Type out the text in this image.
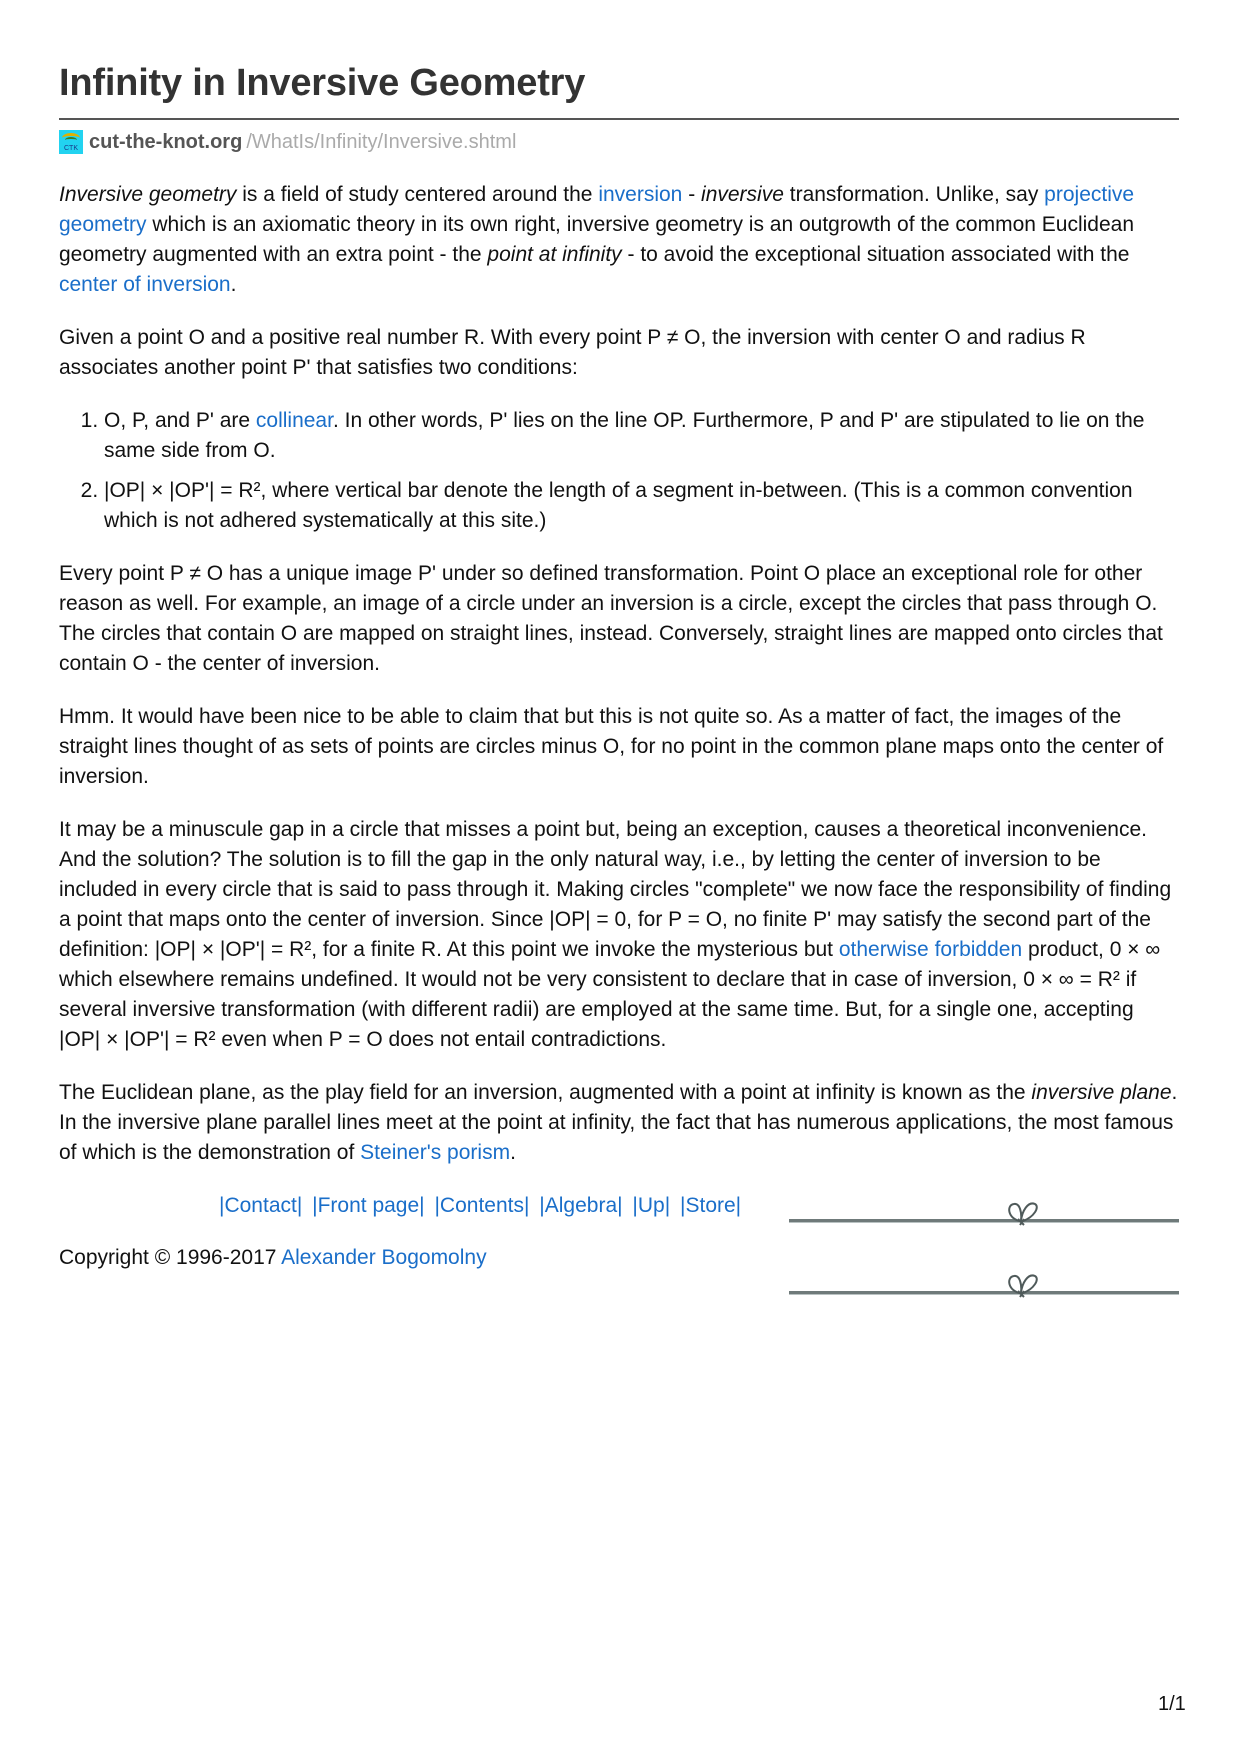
Infinity in Inversive Geometry
CTK cut-the-knot.org /WhatIs/Infinity/Inversive.shtml

Inversive geometry is a field of study centered around the inversion - inversive transformation. Unlike, say projective geometry which is an axiomatic theory in its own right, inversive geometry is an outgrowth of the common Euclidean geometry augmented with an extra point - the point at infinity - to avoid the exceptional situation associated with the center of inversion.

Given a point O and a positive real number R. With every point P ≠ O, the inversion with center O and radius R associates another point P' that satisfies two conditions:

1. O, P, and P' are collinear. In other words, P' lies on the line OP. Furthermore, P and P' are stipulated to lie on the same side from O.
2. |OP| × |OP'| = R², where vertical bar denote the length of a segment in-between. (This is a common convention which is not adhered systematically at this site.)

Every point P ≠ O has a unique image P' under so defined transformation. Point O place an exceptional role for other reason as well. For example, an image of a circle under an inversion is a circle, except the circles that pass through O. The circles that contain O are mapped on straight lines, instead. Conversely, straight lines are mapped onto circles that contain O - the center of inversion.

Hmm. It would have been nice to be able to claim that but this is not quite so. As a matter of fact, the images of the straight lines thought of as sets of points are circles minus O, for no point in the common plane maps onto the center of inversion.

It may be a minuscule gap in a circle that misses a point but, being an exception, causes a theoretical inconvenience. And the solution? The solution is to fill the gap in the only natural way, i.e., by letting the center of inversion to be included in every circle that is said to pass through it. Making circles "complete" we now face the responsibility of finding a point that maps onto the center of inversion. Since |OP| = 0, for P = O, no finite P' may satisfy the second part of the definition: |OP| × |OP'| = R², for a finite R. At this point we invoke the mysterious but otherwise forbidden product, 0 × ∞ which elsewhere remains undefined. It would not be very consistent to declare that in case of inversion, 0 × ∞ = R² if several inversive transformation (with different radii) are employed at the same time. But, for a single one, accepting |OP| × |OP'| = R² even when P = O does not entail contradictions.

The Euclidean plane, as the play field for an inversion, augmented with a point at infinity is known as the inversive plane. In the inversive plane parallel lines meet at the point at infinity, the fact that has numerous applications, the most famous of which is the demonstration of Steiner's porism.

|Contact| |Front page| |Contents| |Algebra| |Up| |Store|
Copyright © 1996-2017 Alexander Bogomolny
1/1
